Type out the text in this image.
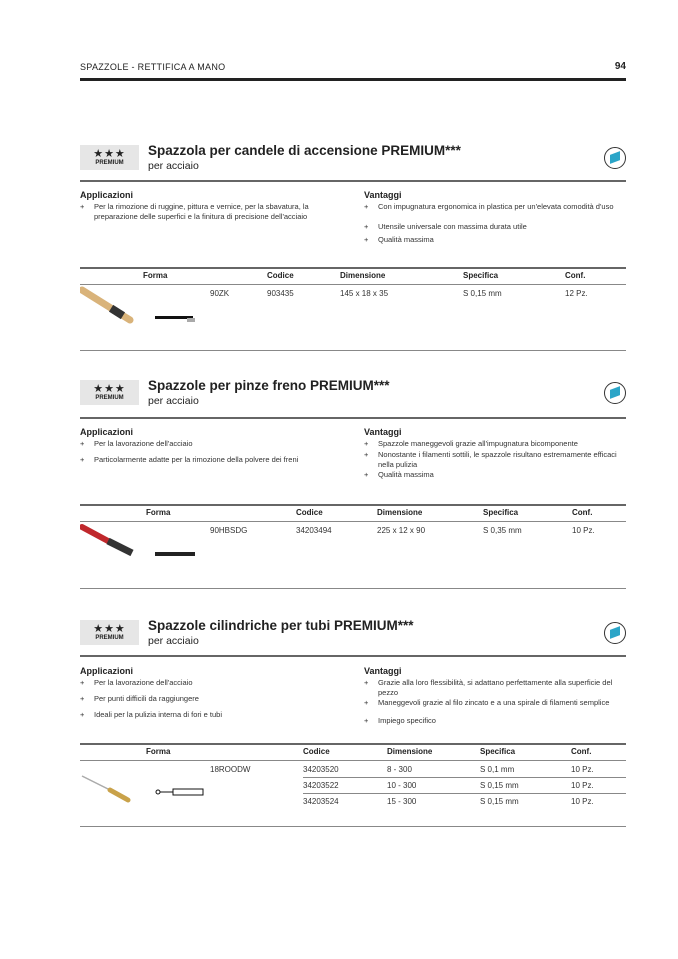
SPAZZOLE - RETTIFICA A MANO	94
★★★
PREMIUM
Spazzola per candele di accensione PREMIUM***
per acciaio
Applicazioni	Vantaggi
+ Per la rimozione di ruggine, pittura e vernice, per la sbavatura, la preparazione delle superfici e la finitura di precisione dell'acciaio
+ Con impugnatura ergonomica in plastica per un'elevata comodità d'uso
+ Utensile universale con massima durata utile
+ Qualità massima
Forma	Codice	Dimensione	Specifica	Conf.
90ZK	903435	145 x 18 x 35	S 0,15 mm	12 Pz.
★★★
PREMIUM
Spazzole per pinze freno PREMIUM***
per acciaio
Applicazioni	Vantaggi
+ Per la lavorazione dell'acciaio
+ Particolarmente adatte per la rimozione della polvere dei freni
+ Spazzole maneggevoli grazie all'impugnatura bicomponente
+ Nonostante i filamenti sottili, le spazzole risultano estremamente efficaci nella pulizia
+ Qualità massima
Forma	Codice	Dimensione	Specifica	Conf.
90HBSDG	34203494	225 x 12 x 90	S 0,35 mm	10 Pz.
★★★
PREMIUM
Spazzole cilindriche per tubi PREMIUM***
per acciaio
Applicazioni	Vantaggi
+ Per la lavorazione dell'acciaio
+ Per punti difficili da raggiungere
+ Ideali per la pulizia interna di fori e tubi
+ Grazie alla loro flessibilità, si adattano perfettamente alla superficie del pezzo
+ Maneggevoli grazie al filo zincato e a una spirale di filamenti semplice
+ Impiego specifico
Forma	Codice	Dimensione	Specifica	Conf.
18ROODW	34203520	8 - 300	S 0,1 mm	10 Pz.
34203522	10 - 300	S 0,15 mm	10 Pz.
34203524	15 - 300	S 0,15 mm	10 Pz.
